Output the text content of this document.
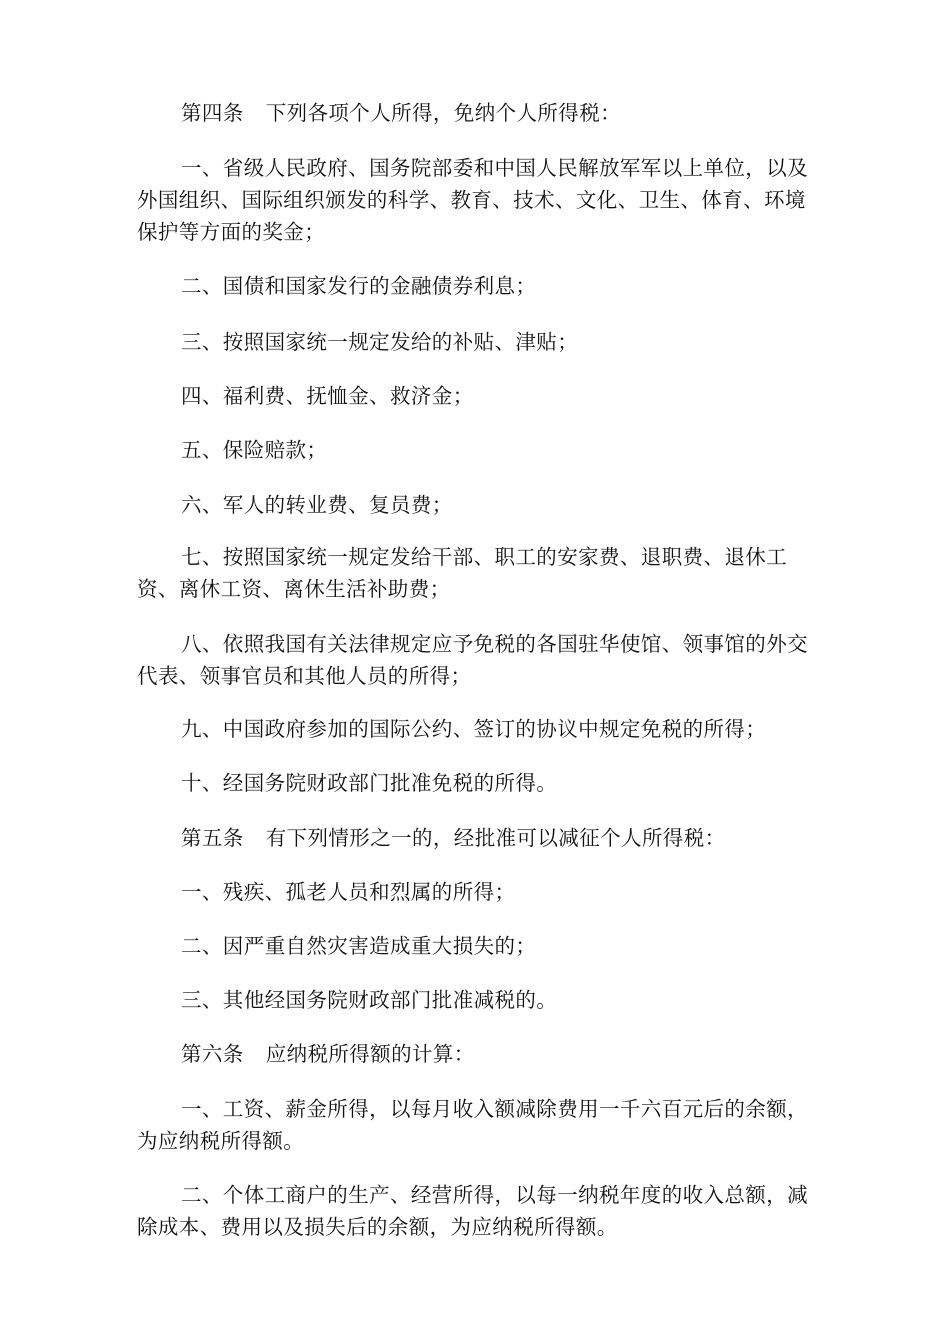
第四条 下列各项个人所得，免纳个人所得税：

一、省级人民政府、国务院部委和中国人民解放军军以上单位，以及外国组织、国际组织颁发的科学、教育、技术、文化、卫生、体育、环境保护等方面的奖金；

二、国债和国家发行的金融债券利息；

三、按照国家统一规定发给的补贴、津贴；

四、福利费、抚恤金、救济金；

五、保险赔款；

六、军人的转业费、复员费；

七、按照国家统一规定发给干部、职工的安家费、退职费、退休工资、离休工资、离休生活补助费；

八、依照我国有关法律规定应予免税的各国驻华使馆、领事馆的外交代表、领事官员和其他人员的所得；

九、中国政府参加的国际公约、签订的协议中规定免税的所得；

十、经国务院财政部门批准免税的所得。

第五条 有下列情形之一的，经批准可以减征个人所得税：

一、残疾、孤老人员和烈属的所得；

二、因严重自然灾害造成重大损失的；

三、其他经国务院财政部门批准减税的。

第六条 应纳税所得额的计算：

一、工资、薪金所得，以每月收入额减除费用一千六百元后的余额，为应纳税所得额。

二、个体工商户的生产、经营所得，以每一纳税年度的收入总额，减除成本、费用以及损失后的余额，为应纳税所得额。
